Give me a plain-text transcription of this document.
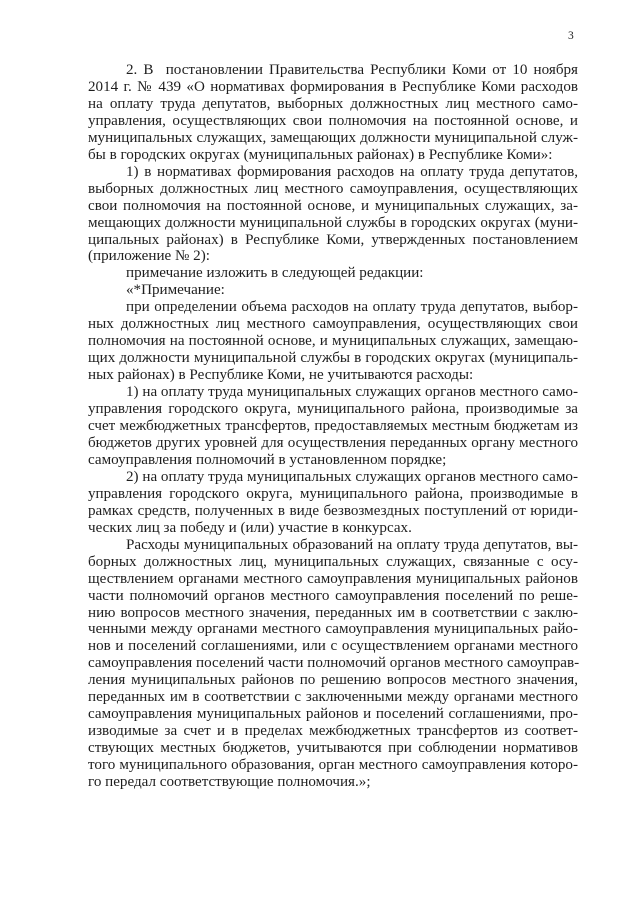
3
2. В  постановлении Правительства Республики Коми от 10 ноября
2014 г. № 439 «О нормативах формирования в Республике Коми расходов
на оплату труда депутатов, выборных должностных лиц местного само-
управления, осуществляющих свои полномочия на постоянной основе, и
муниципальных служащих, замещающих должности муниципальной служ-
бы в городских округах (муниципальных районах) в Республике Коми»:
1) в нормативах формирования расходов на оплату труда депутатов,
выборных должностных лиц местного самоуправления, осуществляющих
свои полномочия на постоянной основе, и муниципальных служащих, за-
мещающих должности муниципальной службы в городских округах (муни-
ципальных районах) в Республике Коми, утвержденных постановлением
(приложение № 2):
примечание изложить в следующей редакции:
«*Примечание:
при определении объема расходов на оплату труда депутатов, выбор-
ных должностных лиц местного самоуправления, осуществляющих свои
полномочия на постоянной основе, и муниципальных служащих, замещаю-
щих должности муниципальной службы в городских округах (муниципаль-
ных районах) в Республике Коми, не учитываются расходы:
1) на оплату труда муниципальных служащих органов местного само-
управления городского округа, муниципального района, производимые за
счет межбюджетных трансфертов, предоставляемых местным бюджетам из
бюджетов других уровней для осуществления переданных органу местного
самоуправления полномочий в установленном порядке;
2) на оплату труда муниципальных служащих органов местного само-
управления городского округа, муниципального района, производимые в
рамках средств, полученных в виде безвозмездных поступлений от юриди-
ческих лиц за победу и (или) участие в конкурсах.
Расходы муниципальных образований на оплату труда депутатов, вы-
борных должностных лиц, муниципальных служащих, связанные с осу-
ществлением органами местного самоуправления муниципальных районов
части полномочий органов местного самоуправления поселений по реше-
нию вопросов местного значения, переданных им в соответствии с заклю-
ченными между органами местного самоуправления муниципальных райо-
нов и поселений соглашениями, или с осуществлением органами местного
самоуправления поселений части полномочий органов местного самоуправ-
ления муниципальных районов по решению вопросов местного значения,
переданных им в соответствии с заключенными между органами местного
самоуправления муниципальных районов и поселений соглашениями, про-
изводимые за счет и в пределах межбюджетных трансфертов из соответ-
ствующих местных бюджетов, учитываются при соблюдении нормативов
того муниципального образования, орган местного самоуправления которо-
го передал соответствующие полномочия.»;
